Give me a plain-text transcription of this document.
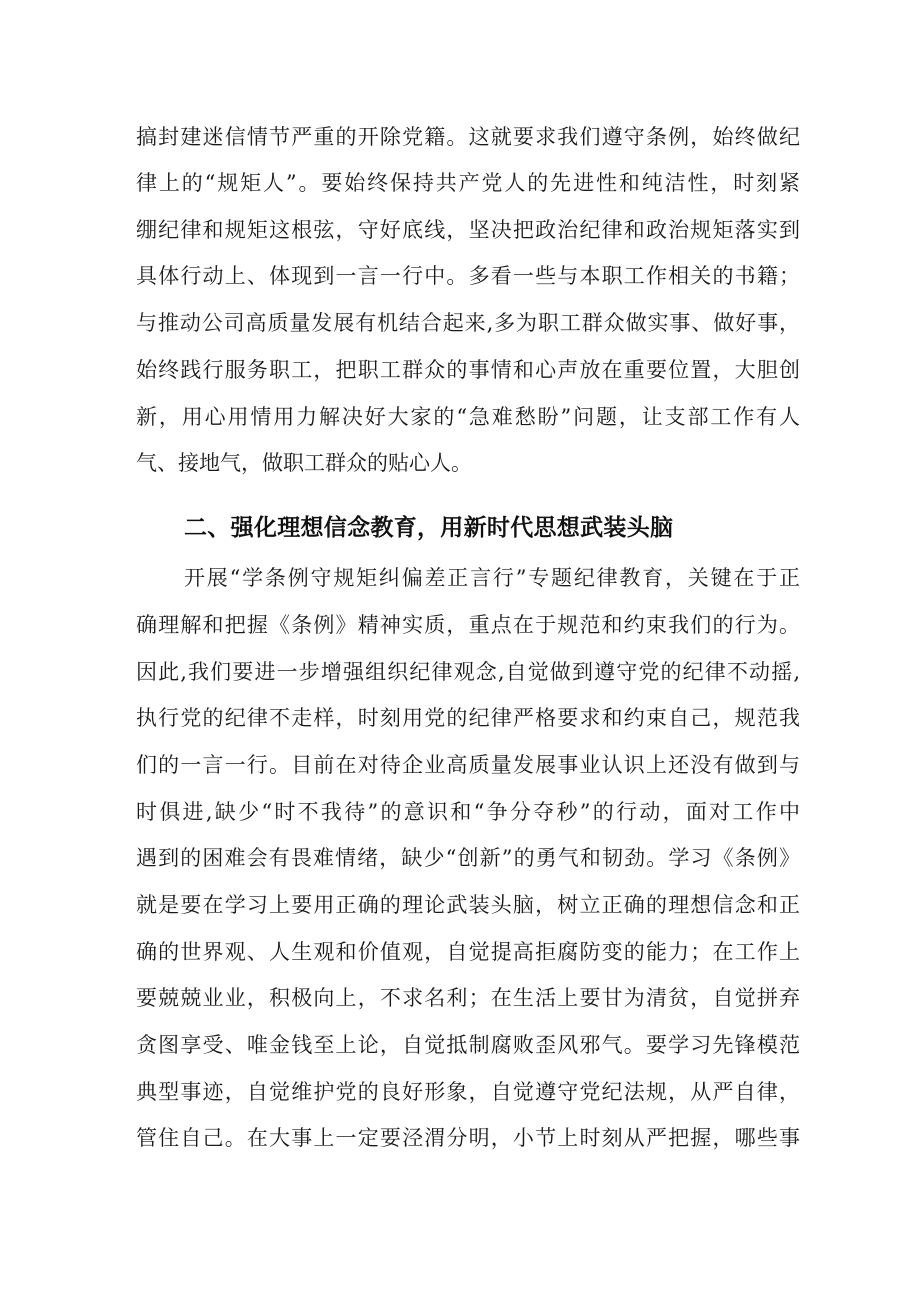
搞封建迷信情节严重的开除党籍。这就要求我们遵守条例，始终做纪
律上的“规矩人”。要始终保持共产党人的先进性和纯洁性，时刻紧
绷纪律和规矩这根弦，守好底线，坚决把政治纪律和政治规矩落实到
具体行动上、体现到一言一行中。多看一些与本职工作相关的书籍；
与推动公司高质量发展有机结合起来,多为职工群众做实事、做好事，
始终践行服务职工，把职工群众的事情和心声放在重要位置，大胆创
新，用心用情用力解决好大家的“急难愁盼”问题，让支部工作有人
气、接地气，做职工群众的贴心人。
二、强化理想信念教育，用新时代思想武装头脑
开展“学条例守规矩纠偏差正言行”专题纪律教育，关键在于正
确理解和把握《条例》精神实质，重点在于规范和约束我们的行为。
因此,我们要进一步增强组织纪律观念,自觉做到遵守党的纪律不动摇,
执行党的纪律不走样，时刻用党的纪律严格要求和约束自己，规范我
们的一言一行。目前在对待企业高质量发展事业认识上还没有做到与
时俱进,缺少“时不我待”的意识和“争分夺秒”的行动，面对工作中
遇到的困难会有畏难情绪，缺少“创新”的勇气和韧劲。学习《条例》
就是要在学习上要用正确的理论武装头脑，树立正确的理想信念和正
确的世界观、人生观和价值观，自觉提高拒腐防变的能力；在工作上
要兢兢业业，积极向上，不求名利；在生活上要甘为清贫，自觉拼弃
贪图享受、唯金钱至上论，自觉抵制腐败歪风邪气。要学习先锋模范
典型事迹，自觉维护党的良好形象，自觉遵守党纪法规，从严自律，
管住自己。在大事上一定要泾渭分明，小节上时刻从严把握，哪些事
